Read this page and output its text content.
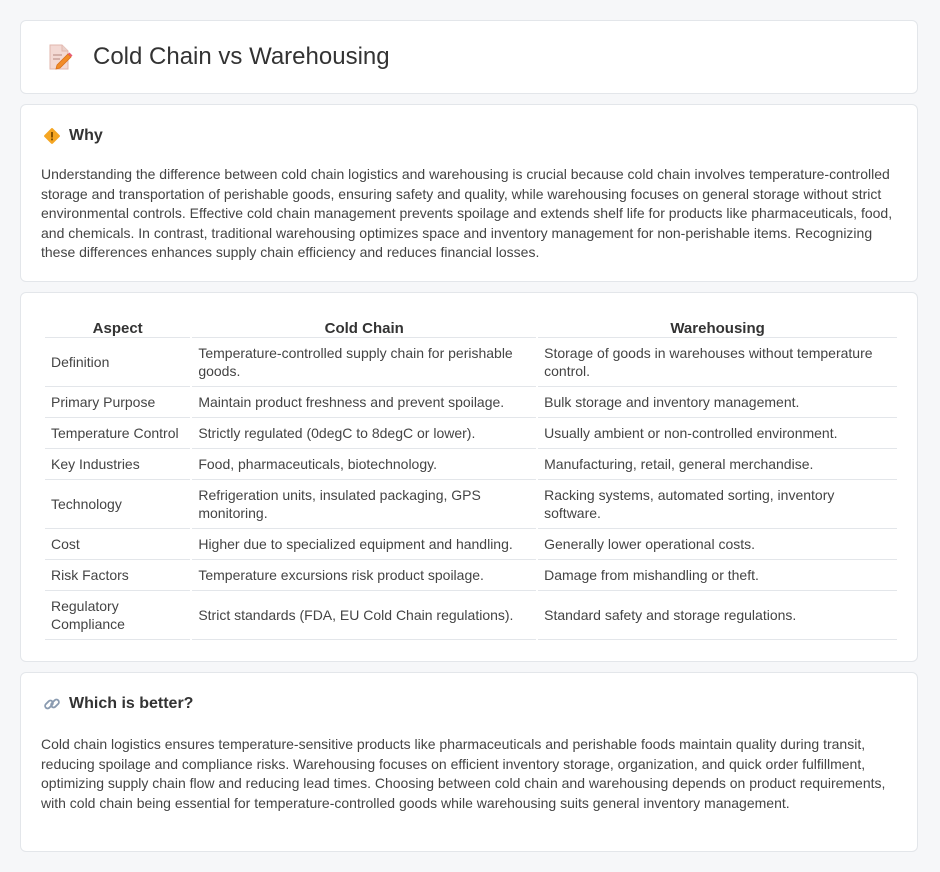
Cold Chain vs Warehousing
Why

Understanding the difference between cold chain logistics and warehousing is crucial because cold chain involves temperature-controlled storage and transportation of perishable goods, ensuring safety and quality, while warehousing focuses on general storage without strict environmental controls. Effective cold chain management prevents spoilage and extends shelf life for products like pharmaceuticals, food, and chemicals. In contrast, traditional warehousing optimizes space and inventory management for non-perishable items. Recognizing these differences enhances supply chain efficiency and reduces financial losses.

Aspect	Cold Chain	Warehousing
Definition	Temperature-controlled supply chain for perishable goods.	Storage of goods in warehouses without temperature control.
Primary Purpose	Maintain product freshness and prevent spoilage.	Bulk storage and inventory management.
Temperature Control	Strictly regulated (0degC to 8degC or lower).	Usually ambient or non-controlled environment.
Key Industries	Food, pharmaceuticals, biotechnology.	Manufacturing, retail, general merchandise.
Technology	Refrigeration units, insulated packaging, GPS monitoring.	Racking systems, automated sorting, inventory software.
Cost	Higher due to specialized equipment and handling.	Generally lower operational costs.
Risk Factors	Temperature excursions risk product spoilage.	Damage from mishandling or theft.
Regulatory Compliance	Strict standards (FDA, EU Cold Chain regulations).	Standard safety and storage regulations.
Which is better?

Cold chain logistics ensures temperature-sensitive products like pharmaceuticals and perishable foods maintain quality during transit, reducing spoilage and compliance risks. Warehousing focuses on efficient inventory storage, organization, and quick order fulfillment, optimizing supply chain flow and reducing lead times. Choosing between cold chain and warehousing depends on product requirements, with cold chain being essential for temperature-controlled goods while warehousing suits general inventory management.
